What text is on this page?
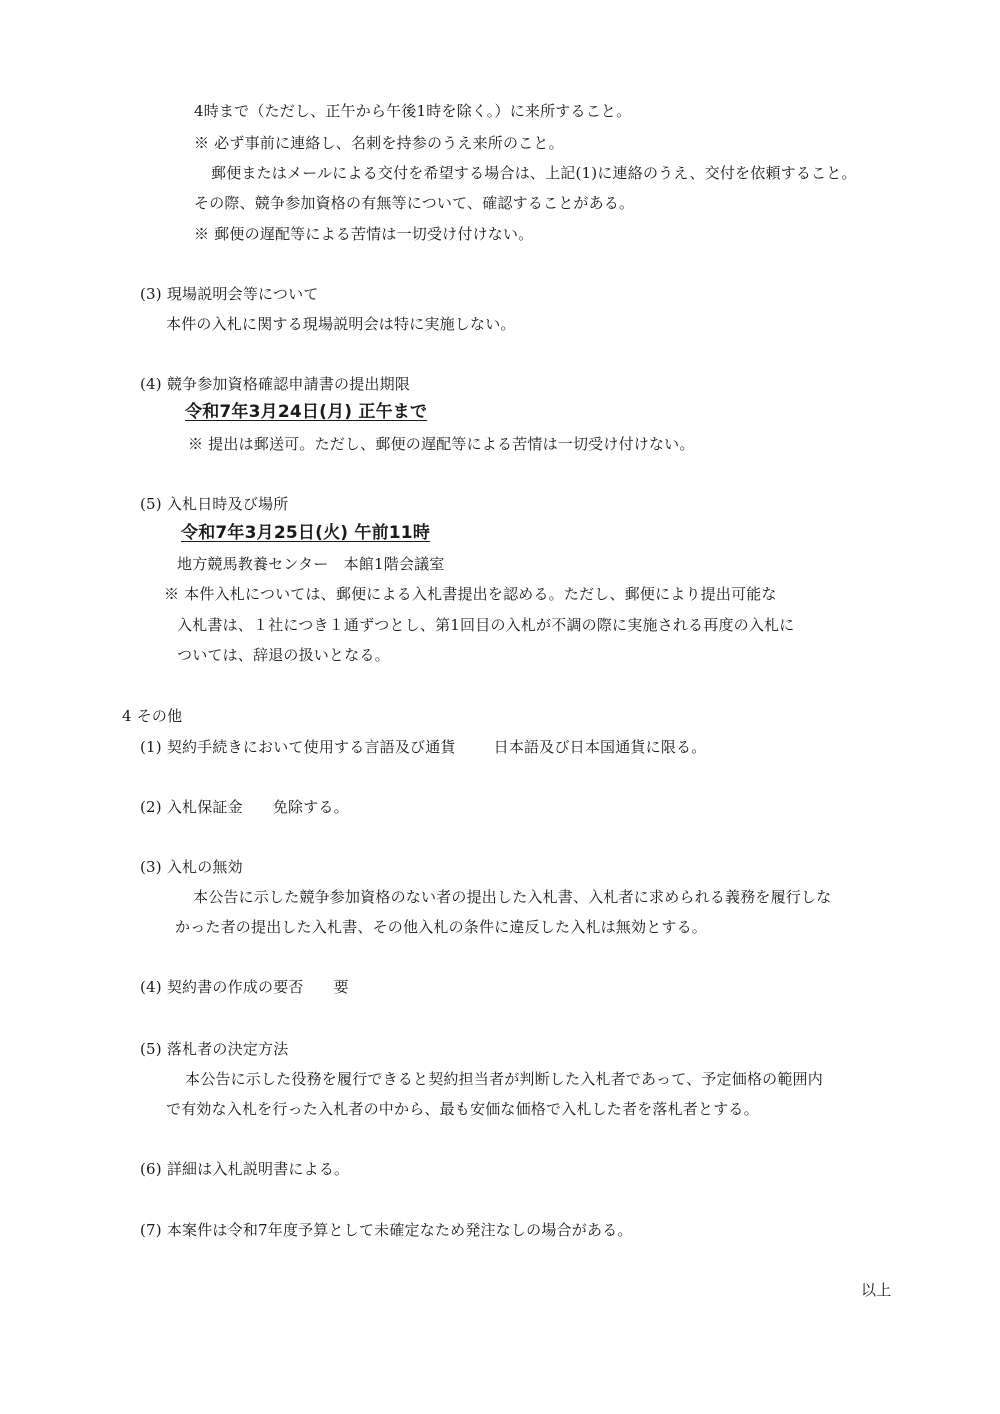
4時まで（ただし、正午から午後1時を除く。）に来所すること。
※ 必ず事前に連絡し、名刺を持参のうえ来所のこと。
郵便またはメールによる交付を希望する場合は、上記(1)に連絡のうえ、交付を依頼すること。
その際、競争参加資格の有無等について、確認することがある。
※ 郵便の遅配等による苦情は一切受け付けない。
(3) 現場説明会等について
本件の入札に関する現場説明会は特に実施しない。
(4) 競争参加資格確認申請書の提出期限
令和7年3月24日(月) 正午まで
※ 提出は郵送可。ただし、郵便の遅配等による苦情は一切受け付けない。
(5) 入札日時及び場所
令和7年3月25日(火) 午前11時
地方競馬教養センター　本館1階会議室
※ 本件入札については、郵便による入札書提出を認める。ただし、郵便により提出可能な
入札書は、１社につき１通ずつとし、第1回目の入札が不調の際に実施される再度の入札に
ついては、辞退の扱いとなる。
4 その他
(1) 契約手続きにおいて使用する言語及び通貨	日本語及び日本国通貨に限る。
(2) 入札保証金 免除する。
(3) 入札の無効
本公告に示した競争参加資格のない者の提出した入札書、入札者に求められる義務を履行しな
かった者の提出した入札書、その他入札の条件に違反した入札は無効とする。
(4) 契約書の作成の要否 要
(5) 落札者の決定方法
本公告に示した役務を履行できると契約担当者が判断した入札者であって、予定価格の範囲内
で有効な入札を行った入札者の中から、最も安価な価格で入札した者を落札者とする。
(6) 詳細は入札説明書による。
(7) 本案件は令和7年度予算として未確定なため発注なしの場合がある。
以上
